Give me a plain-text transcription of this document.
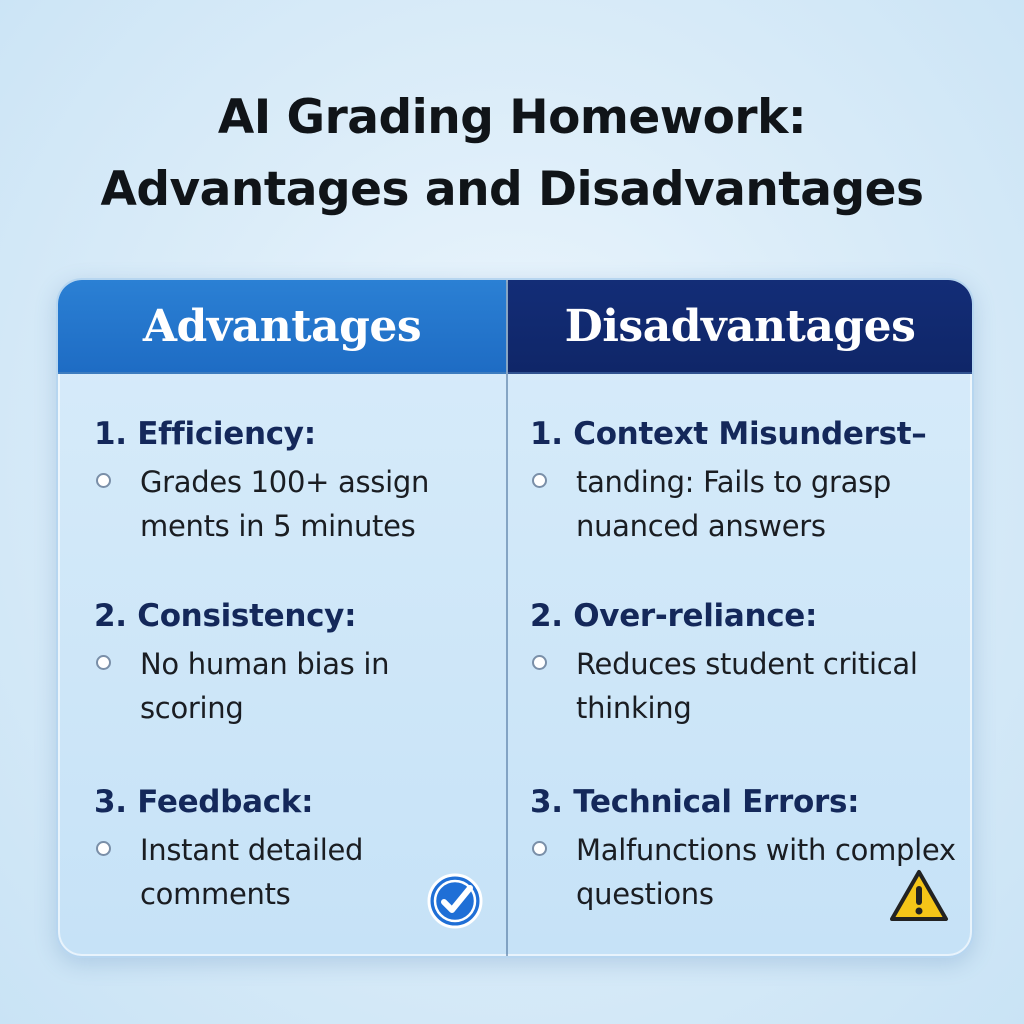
AI Grading Homework:
Advantages and Disadvantages
Advantages
1. Efficiency:
Grades 100+ assign ments in 5 minutes
2. Consistency:
No human bias in scoring
3. Feedback:
Instant detailed comments
Disadvantages
1. Context Misunderst–
tanding: Fails to grasp nuanced answers
2. Over-reliance:
Reduces student critical thinking
3. Technical Errors:
Malfunctions with complex questions
